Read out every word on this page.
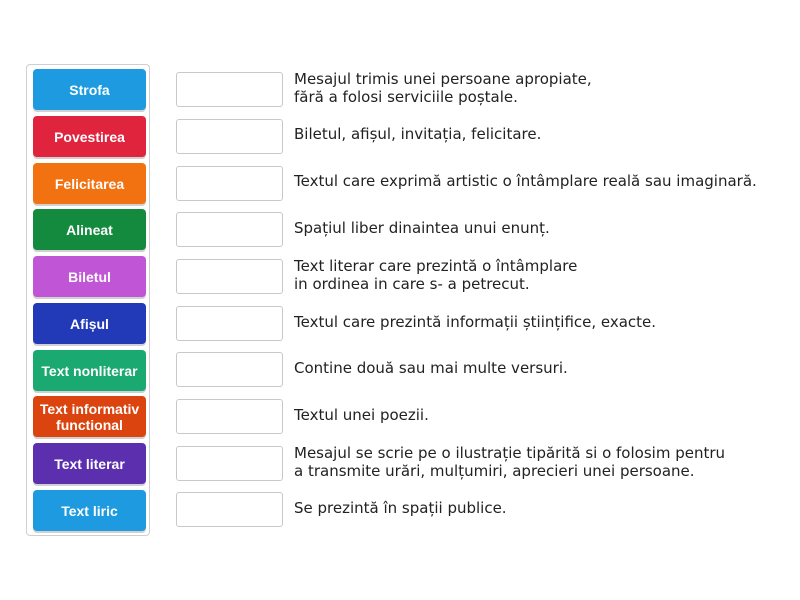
Strofa
Povestirea
Felicitarea
Alineat
Biletul
Afișul
Text nonliterar
Text informativ functional
Text literar
Text liric
Mesajul trimis unei persoane apropiate,
fără a folosi serviciile poștale.
Biletul, afișul, invitația, felicitare.
Textul care exprimă artistic o întâmplare reală sau imaginară.
Spațiul liber dinaintea unui enunț.
Text literar care prezintă o întâmplare
in ordinea in care s- a petrecut.
Textul care prezintă informații științifice, exacte.
Contine două sau mai multe versuri.
Textul unei poezii.
Mesajul se scrie pe o ilustrație tipărită si o folosim pentru
a transmite urări, mulțumiri, aprecieri unei persoane.
Se prezintă în spații publice.
